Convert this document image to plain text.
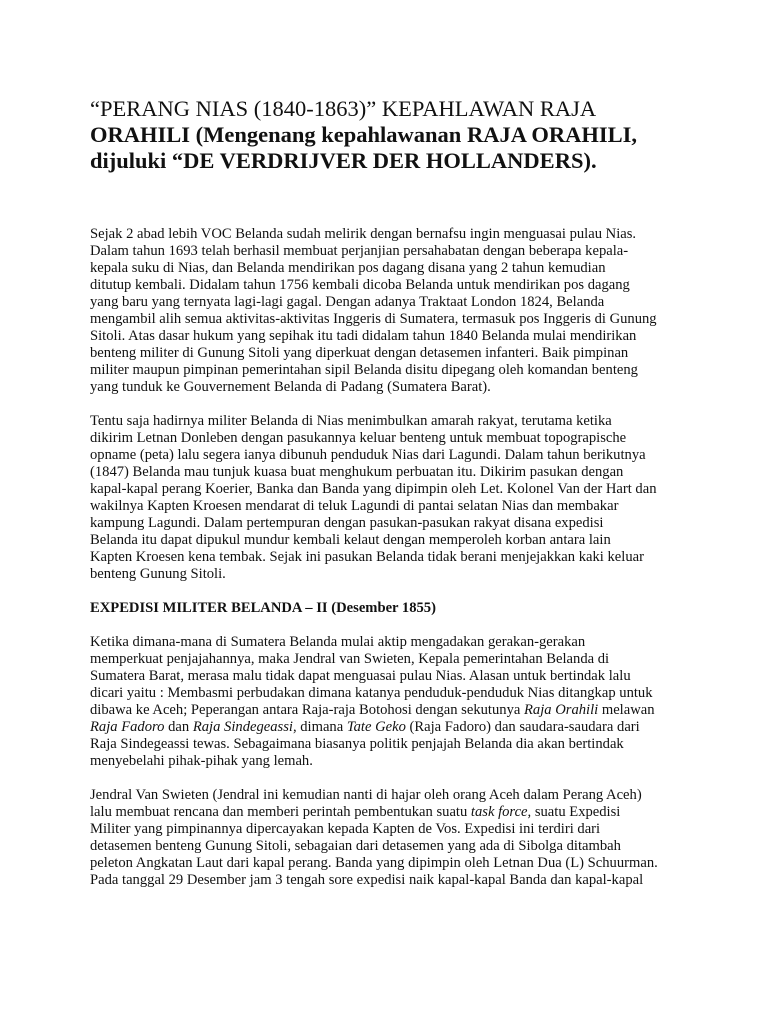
“PERANG NIAS (1840-1863)” KEPAHLAWAN RAJA
ORAHILI (Mengenang kepahlawanan RAJA ORAHILI,
dijuluki “DE VERDRIJVER DER HOLLANDERS).

Sejak 2 abad lebih VOC Belanda sudah melirik dengan bernafsu ingin menguasai pulau Nias.
Dalam tahun 1693 telah berhasil membuat perjanjian persahabatan dengan beberapa kepala-
kepala suku di Nias, dan Belanda mendirikan pos dagang disana yang 2 tahun kemudian
ditutup kembali. Didalam tahun 1756 kembali dicoba Belanda untuk mendirikan pos dagang
yang baru yang ternyata lagi-lagi gagal. Dengan adanya Traktaat London 1824, Belanda
mengambil alih semua aktivitas-aktivitas Inggeris di Sumatera, termasuk pos Inggeris di Gunung
Sitoli. Atas dasar hukum yang sepihak itu tadi didalam tahun 1840 Belanda mulai mendirikan
benteng militer di Gunung Sitoli yang diperkuat dengan detasemen infanteri. Baik pimpinan
militer maupun pimpinan pemerintahan sipil Belanda disitu dipegang oleh komandan benteng
yang tunduk ke Gouvernement Belanda di Padang (Sumatera Barat).

Tentu saja hadirnya militer Belanda di Nias menimbulkan amarah rakyat, terutama ketika
dikirim Letnan Donleben dengan pasukannya keluar benteng untuk membuat topograpische
opname (peta) lalu segera ianya dibunuh penduduk Nias dari Lagundi. Dalam tahun berikutnya
(1847) Belanda mau tunjuk kuasa buat menghukum perbuatan itu. Dikirim pasukan dengan
kapal-kapal perang Koerier, Banka dan Banda yang dipimpin oleh Let. Kolonel Van der Hart dan
wakilnya Kapten Kroesen mendarat di teluk Lagundi di pantai selatan Nias dan membakar
kampung Lagundi. Dalam pertempuran dengan pasukan-pasukan rakyat disana expedisi
Belanda itu dapat dipukul mundur kembali kelaut dengan memperoleh korban antara lain
Kapten Kroesen kena tembak. Sejak ini pasukan Belanda tidak berani menjejakkan kaki keluar
benteng Gunung Sitoli.

EXPEDISI MILITER BELANDA – II (Desember 1855)

Ketika dimana-mana di Sumatera Belanda mulai aktip mengadakan gerakan-gerakan
memperkuat penjajahannya, maka Jendral van Swieten, Kepala pemerintahan Belanda di
Sumatera Barat, merasa malu tidak dapat menguasai pulau Nias. Alasan untuk bertindak lalu
dicari yaitu : Membasmi perbudakan dimana katanya penduduk-penduduk Nias ditangkap untuk
dibawa ke Aceh; Peperangan antara Raja-raja Botohosi dengan sekutunya Raja Orahili melawan
Raja Fadoro dan Raja Sindegeassi, dimana Tate Geko (Raja Fadoro) dan saudara-saudara dari
Raja Sindegeassi tewas. Sebagaimana biasanya politik penjajah Belanda dia akan bertindak
menyebelahi pihak-pihak yang lemah.

Jendral Van Swieten (Jendral ini kemudian nanti di hajar oleh orang Aceh dalam Perang Aceh)
lalu membuat rencana dan memberi perintah pembentukan suatu task force, suatu Expedisi
Militer yang pimpinannya dipercayakan kepada Kapten de Vos. Expedisi ini terdiri dari
detasemen benteng Gunung Sitoli, sebagaian dari detasemen yang ada di Sibolga ditambah
peleton Angkatan Laut dari kapal perang. Banda yang dipimpin oleh Letnan Dua (L) Schuurman.
Pada tanggal 29 Desember jam 3 tengah sore expedisi naik kapal-kapal Banda dan kapal-kapal
